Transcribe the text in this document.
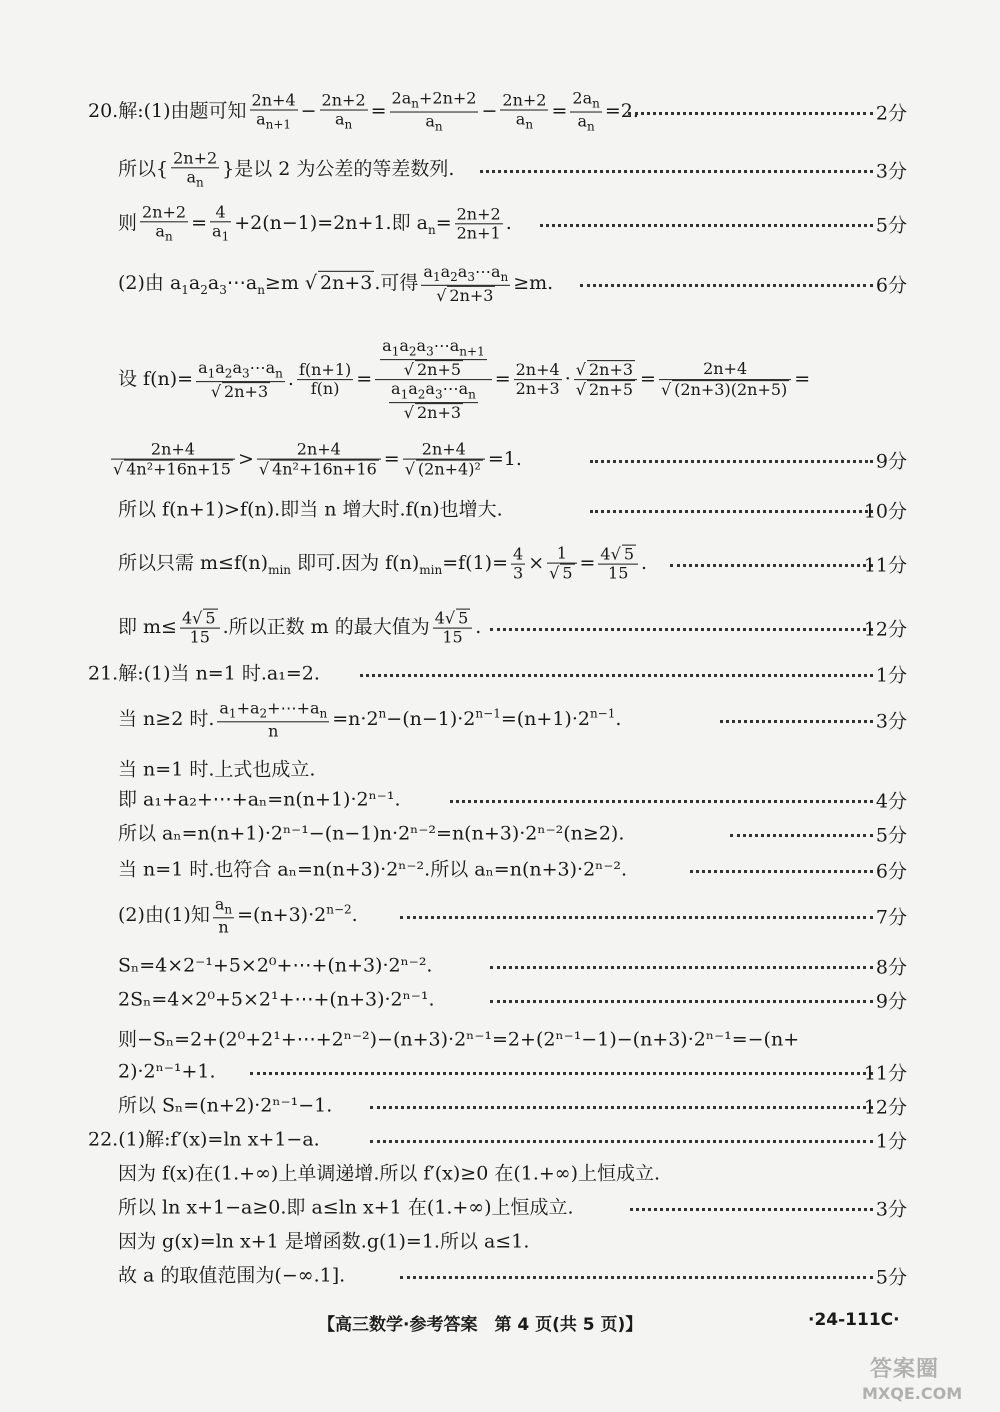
20.解:(1)由题可知 $\frac{2n+4}{a_{n+1}} - \frac{2n+2}{a_n} = \frac{2a_n+2n+2}{a_n} - \frac{2n+2}{a_n} = \frac{2a_n}{a_n} =2$.	2分
所以{ $\frac{2n+2}{a_n}$ }是以 2 为公差的等差数列.	3分
则 $\frac{2n+2}{a_n} = \frac{4}{a_1} +2(n-1)=2n+1$.即 $a_n= \frac{2n+2}{2n+1}$ .	5分
(2)由 $a_1a_2a_3\cdots a_n\ge m$ √ 2n+3 .可得 $a_1a_2a_3\cdots a_n$
√ 2n+3 ≥m.	6分
设 $f(n)= a_1a_2a_3\cdots a_n$
√ 2n+3 . $\frac{f(n+1)}{f(n)}$ = $a_1a_2a_3\cdots a_{n+1}$
√ 2n+5
$a_1a_2a_3\cdots a_n$
√ $2n+3 = \frac{2n+4}{2n+3}$ · √ 2n+3
√ 2n+5 = 2n+4
√ (2n+3)(2n+5) =
2n+4
√ 4n²+16n+15 > 2n+4
√ 4n²+16n+16 = 2n+4
√ (2n+4)² =1.	9分
所以 f(n+1)>f(n).即当 n 增大时.f(n)也增大.	10分
所以只需 $m\le f(n)_{min}$ 即可.因为 $f(n)_{min}=f(1)= \frac{4}{3} \times 1$
√ $5 = \frac{4 √ 5}{15}$ .	11分
即 $m\le \frac{4 √ 5}{15}$ .所以正数 m 的最大值为 $\frac{4 √ 5}{15}$ .	12分
21.解:(1)当 n=1 时.a₁=2.	1分
当 n≥2 时. $\frac{a_1+a_2+\cdots+a_n}{n} =n\cdot 2^n-(n-1)\cdot 2^{n-1}=(n+1)\cdot 2^{n-1}$.	3分
当 n=1 时.上式也成立.
即 a₁+a₂+⋯+aₙ=n(n+1)·2ⁿ⁻¹.	4分
所以 aₙ=n(n+1)·2ⁿ⁻¹−(n−1)n·2ⁿ⁻²=n(n+3)·2ⁿ⁻²(n≥2).	5分
当 n=1 时.也符合 aₙ=n(n+3)·2ⁿ⁻².所以 aₙ=n(n+3)·2ⁿ⁻².	6分
(2)由(1)知 $\frac{a_n}{n} =(n+3)\cdot 2^{n-2}$.	7分
Sₙ=4×2⁻¹+5×2⁰+⋯+(n+3)·2ⁿ⁻².	8分
2Sₙ=4×2⁰+5×2¹+⋯+(n+3)·2ⁿ⁻¹.	9分
则−Sₙ=2+(2⁰+2¹+⋯+2ⁿ⁻²)−(n+3)·2ⁿ⁻¹=2+(2ⁿ⁻¹−1)−(n+3)·2ⁿ⁻¹=−(n+
2)·2ⁿ⁻¹+1.	11分
所以 Sₙ=(n+2)·2ⁿ⁻¹−1.	12分
22.(1)解:f′(x)=ln x+1−a.	1分
因为 f(x)在(1.+∞)上单调递增.所以 f′(x)≥0 在(1.+∞)上恒成立.
所以 ln x+1−a≥0.即 a≤ln x+1 在(1.+∞)上恒成立.	3分
因为 g(x)=ln x+1 是增函数.g(1)=1.所以 a≤1.
故 a 的取值范围为(−∞.1].	5分
【高三数学·参考答案　第 4 页(共 5 页)】	·24-111C·
答案圈
MXQE.COM
